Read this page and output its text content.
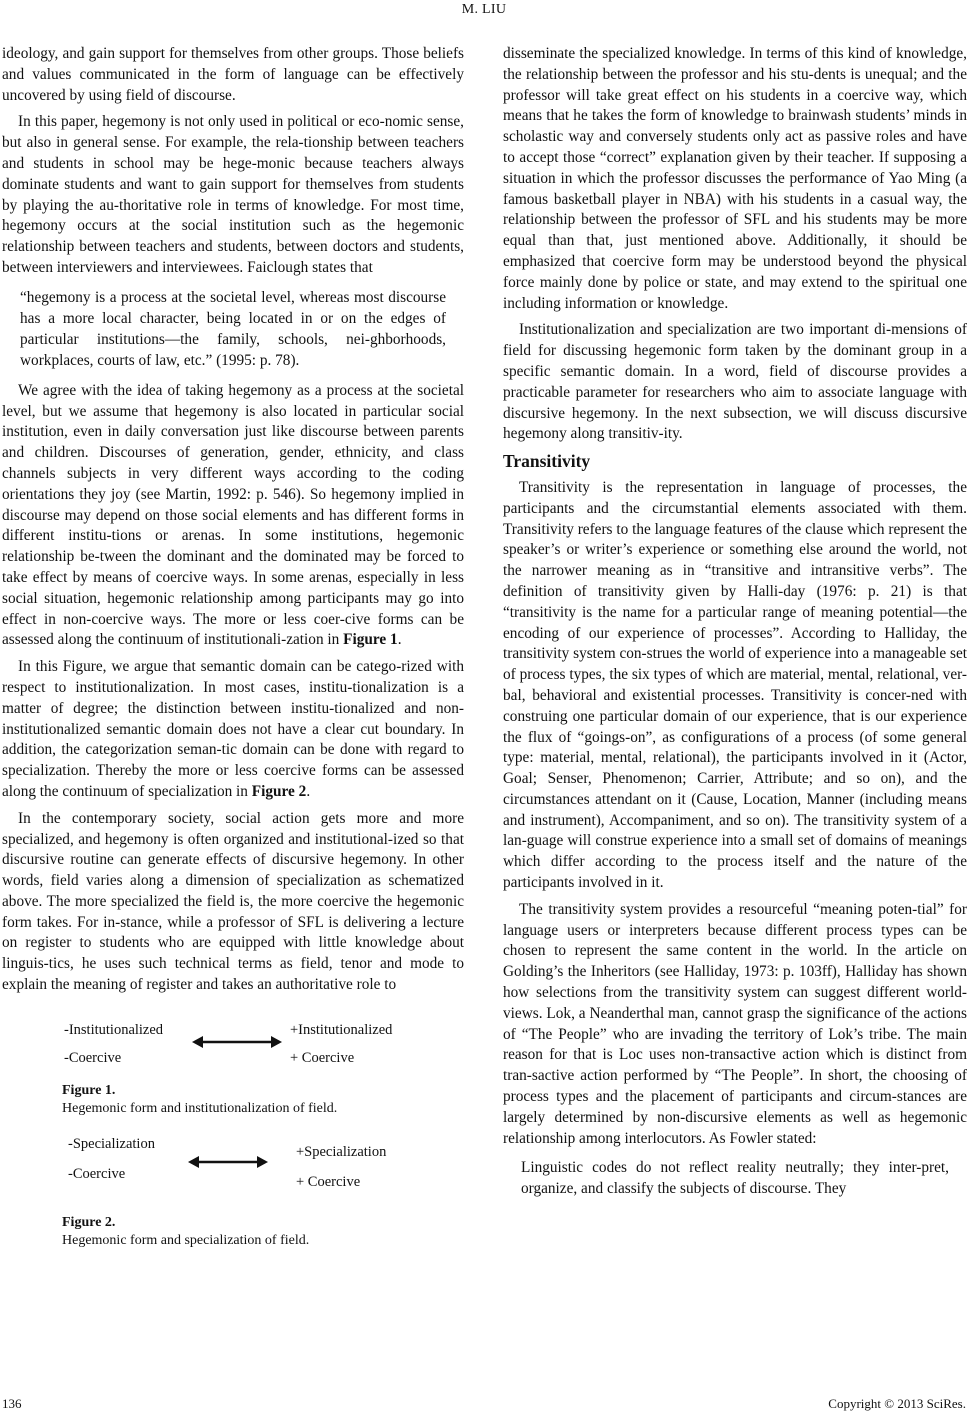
M. LIU

ideology, and gain support for themselves from other groups. Those beliefs and values communicated in the form of language can be effectively uncovered by using field of discourse.

In this paper, hegemony is not only used in political or eco-nomic sense, but also in general sense. For example, the rela-tionship between teachers and students in school may be hege-monic because teachers always dominate students and want to gain support for themselves from students by playing the au-thoritative role in terms of knowledge. For most time, hegemony occurs at the social institution such as the hegemonic relationship between teachers and students, between doctors and students, between interviewers and interviewees. Faiclough states that

“hegemony is a process at the societal level, whereas most discourse has a more local character, being located in or on the edges of particular institutions—the family, schools, nei-ghborhoods, workplaces, courts of law, etc.” (1995: p. 78).

We agree with the idea of taking hegemony as a process at the societal level, but we assume that hegemony is also located in particular social institution, even in daily conversation just like discourse between parents and children. Discourses of generation, gender, ethnicity, and class channels subjects in very different ways according to the coding orientations they joy (see Martin, 1992: p. 546). So hegemony implied in discourse may depend on those social elements and has different forms in different institu-tions or arenas. In some institutions, hegemonic relationship be-tween the dominant and the dominated may be forced to take effect by means of coercive ways. In some arenas, especially in less social situation, hegemonic relationship among participants may go into effect in non-coercive ways. The more or less coer-cive forms can be assessed along the continuum of institutionali-zation in Figure 1.

In this Figure, we argue that semantic domain can be catego-rized with respect to institutionalization. In most cases, institu-tionalization is a matter of degree; the distinction between institu-tionalized and non-institutionalized semantic domain does not have a clear cut boundary. In addition, the categorization seman-tic domain can be done with regard to specialization. Thereby the more or less coercive forms can be assessed along the continuum of specialization in Figure 2.

In the contemporary society, social action gets more and more specialized, and hegemony is often organized and institutional-ized so that discursive routine can generate effects of discursive hegemony. In other words, field varies along a dimension of specialization as schematized above. The more specialized the field is, the more coercive the hegemonic form takes. For in-stance, while a professor of SFL is delivering a lecture on register to students who are equipped with little knowledge about linguis-tics, he uses such technical terms as field, tenor and mode to explain the meaning of register and takes an authoritative role to

-Institutionalized
-Coercive
+Institutionalized
+ Coercive
Figure 1.
Hegemonic form and institutionalization of field.
-Specialization
-Coercive
+Specialization
+ Coercive
Figure 2.
Hegemonic form and specialization of field.

disseminate the specialized knowledge. In terms of this kind of knowledge, the relationship between the professor and his stu-dents is unequal; and the professor will take great effect on his students in a coercive way, which means that he takes the form of knowledge to brainwash students’ minds in scholastic way and conversely students only act as passive roles and have to accept those “correct” explanation given by their teacher. If supposing a situation in which the professor discusses the performance of Yao Ming (a famous basketball player in NBA) with his students in a casual way, the relationship between the professor of SFL and his students may be more equal than that, just mentioned above. Additionally, it should be emphasized that coercive form may be understood beyond the physical force mainly done by police or state, and may extend to the spiritual one including information or knowledge.

Institutionalization and specialization are two important di-mensions of field for discussing hegemonic form taken by the dominant group in a specific semantic domain. In a word, field of discourse provides a practicable parameter for researchers who aim to associate language with discursive hegemony. In the next subsection, we will discuss discursive hegemony along transitiv-ity.

Transitivity

Transitivity is the representation in language of processes, the participants and the circumstantial elements associated with them. Transitivity refers to the language features of the clause which represent the speaker’s or writer’s experience or something else around the world, not the narrower meaning as in “transitive and intransitive verbs”. The definition of transitivity given by Halli-day (1976: p. 21) is that “transitivity is the name for a particular range of meaning potential—the encoding of our experience of processes”. According to Halliday, the transitivity system con-strues the world of experience into a manageable set of process types, the six types of which are material, mental, relational, ver-bal, behavioral and existential processes. Transitivity is concer-ned with construing one particular domain of our experience, that is our experience the flux of “goings-on”, as configurations of a process (of some general type: material, mental, relational), the participants involved in it (Actor, Goal; Senser, Phenomenon; Carrier, Attribute; and so on), and the circumstances attendant on it (Cause, Location, Manner (including means and instrument), Accompaniment, and so on). The transitivity system of a lan-guage will construe experience into a small set of domains of meanings which differ according to the process itself and the nature of the participants involved in it.

The transitivity system provides a resourceful “meaning poten-tial” for language users or interpreters because different process types can be chosen to represent the same content in the world. In the article on Golding’s the Inheritors (see Halliday, 1973: p. 103ff), Halliday has shown how selections from the transitivity system can suggest different world-views. Lok, a Neanderthal man, cannot grasp the significance of the actions of “The People” who are invading the territory of Lok’s tribe. The main reason for that is Loc uses non-transactive action which is distinct from tran-sactive action performed by “The People”. In short, the choosing of process types and the placement of participants and circum-stances are largely determined by non-discursive elements as well as hegemonic relationship among interlocutors. As Fowler stated:

Linguistic codes do not reflect reality neutrally; they inter-pret, organize, and classify the subjects of discourse. They
136	Copyright © 2013 SciRes.
